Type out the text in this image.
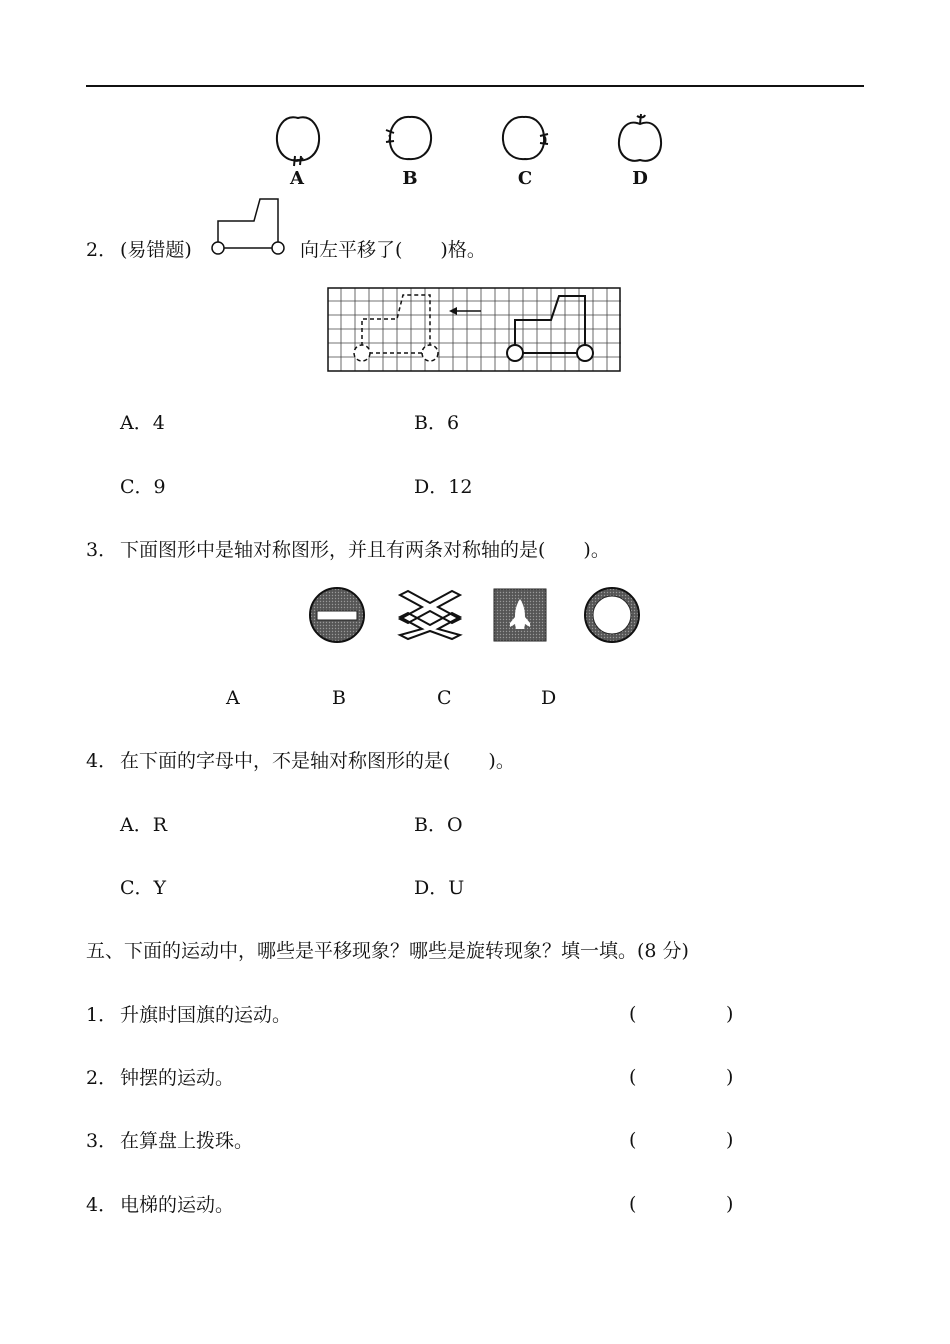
A	B	C	D
2． (易错题)	向左平移了(　　)格。
A．4	B．6
C．9	D．12
3． 下面图形中是轴对称图形，并且有两条对称轴的是(　　)。
A	B	C	D
4． 在下面的字母中，不是轴对称图形的是(　　)。
A．R	B．O
C．Y	D．U
五、下面的运动中，哪些是平移现象？哪些是旋转现象？填一填。(8 分)
1． 升旗时国旗的运动。	(	)
2． 钟摆的运动。	(	)
3． 在算盘上拨珠。	(	)
4． 电梯的运动。	(	)
